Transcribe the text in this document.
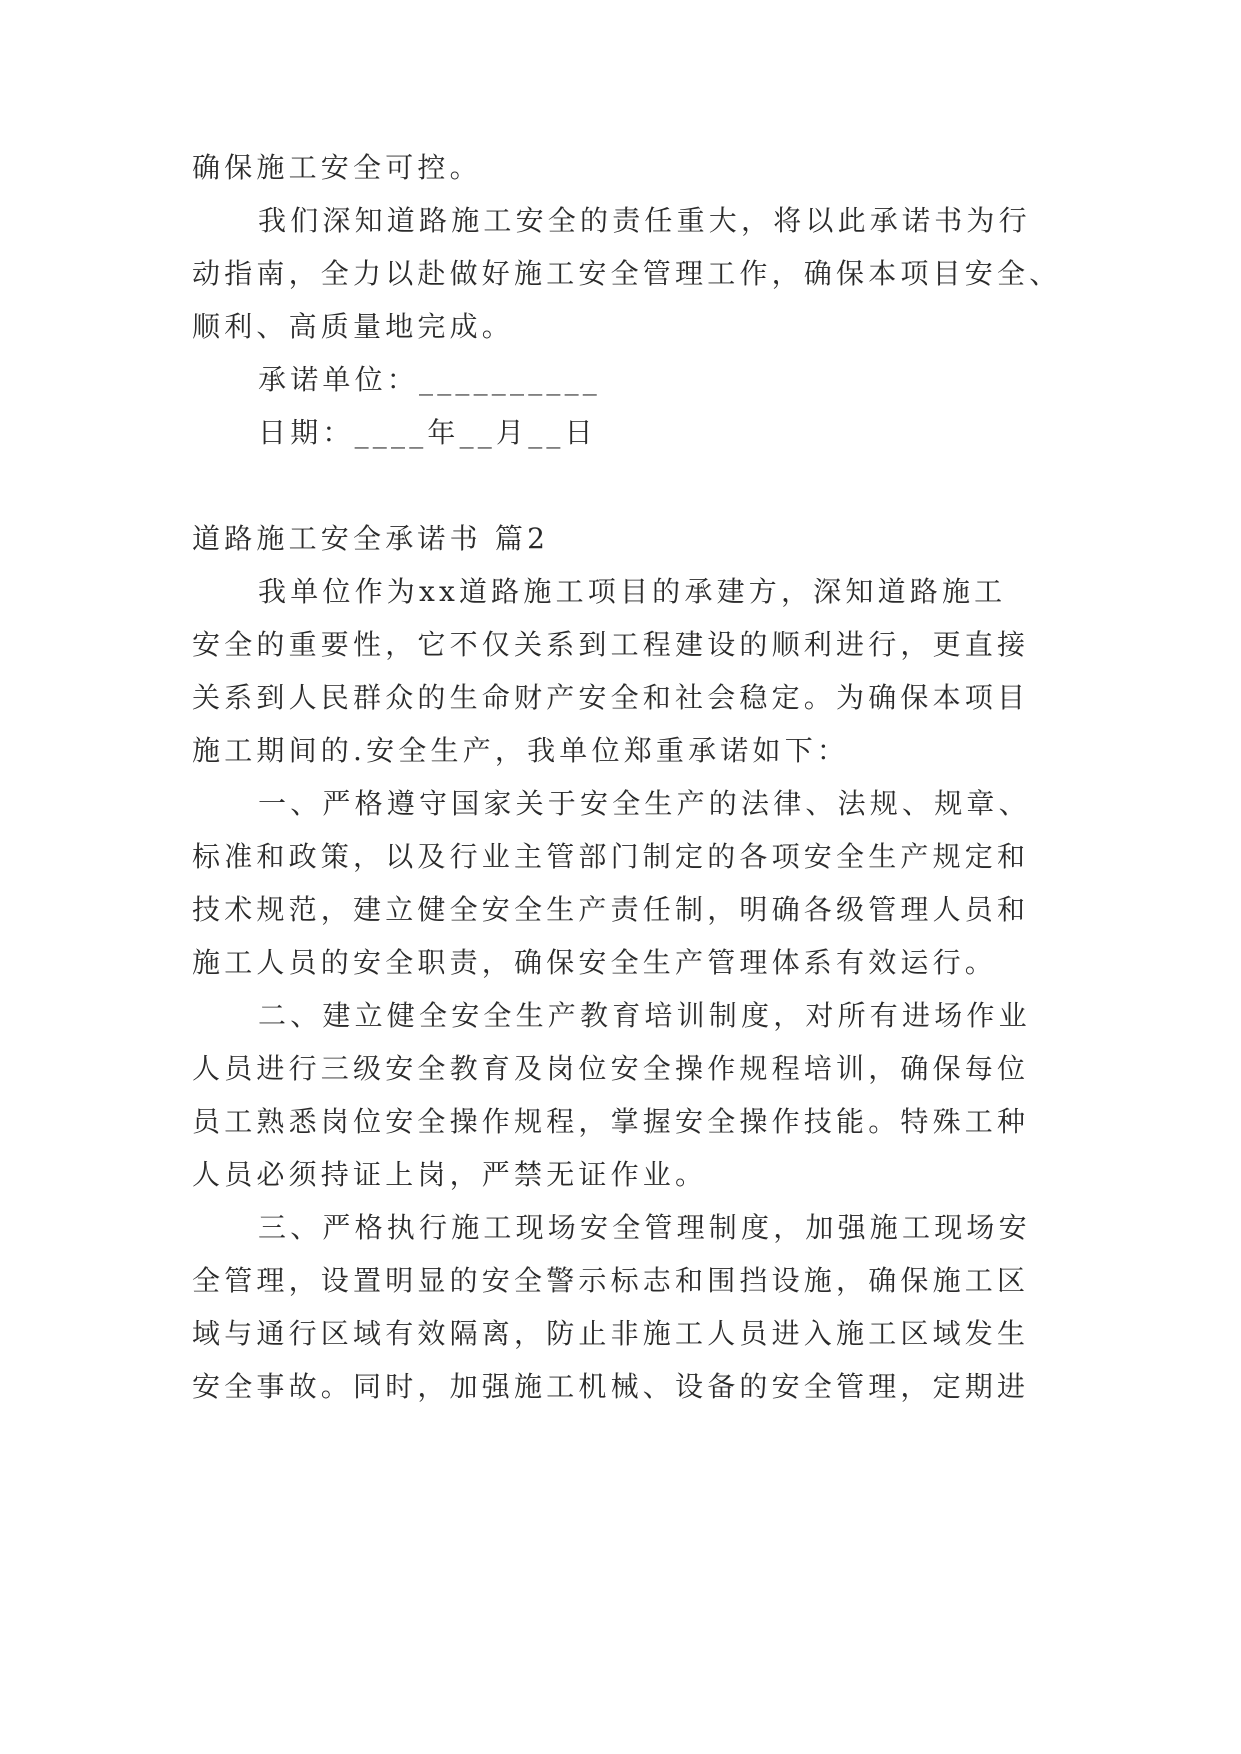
确保施工安全可控。
我们深知道路施工安全的责任重大，将以此承诺书为行
动指南，全力以赴做好施工安全管理工作，确保本项目安全、
顺利、高质量地完成。
承诺单位：__________
日期：____年__月__日
道路施工安全承诺书 篇2
我单位作为xx道路施工项目的承建方，深知道路施工
安全的重要性，它不仅关系到工程建设的顺利进行，更直接
关系到人民群众的生命财产安全和社会稳定。为确保本项目
施工期间的.安全生产，我单位郑重承诺如下：
一、严格遵守国家关于安全生产的法律、法规、规章、
标准和政策，以及行业主管部门制定的各项安全生产规定和
技术规范，建立健全安全生产责任制，明确各级管理人员和
施工人员的安全职责，确保安全生产管理体系有效运行。
二、建立健全安全生产教育培训制度，对所有进场作业
人员进行三级安全教育及岗位安全操作规程培训，确保每位
员工熟悉岗位安全操作规程，掌握安全操作技能。特殊工种
人员必须持证上岗，严禁无证作业。
三、严格执行施工现场安全管理制度，加强施工现场安
全管理，设置明显的安全警示标志和围挡设施，确保施工区
域与通行区域有效隔离，防止非施工人员进入施工区域发生
安全事故。同时，加强施工机械、设备的安全管理，定期进
